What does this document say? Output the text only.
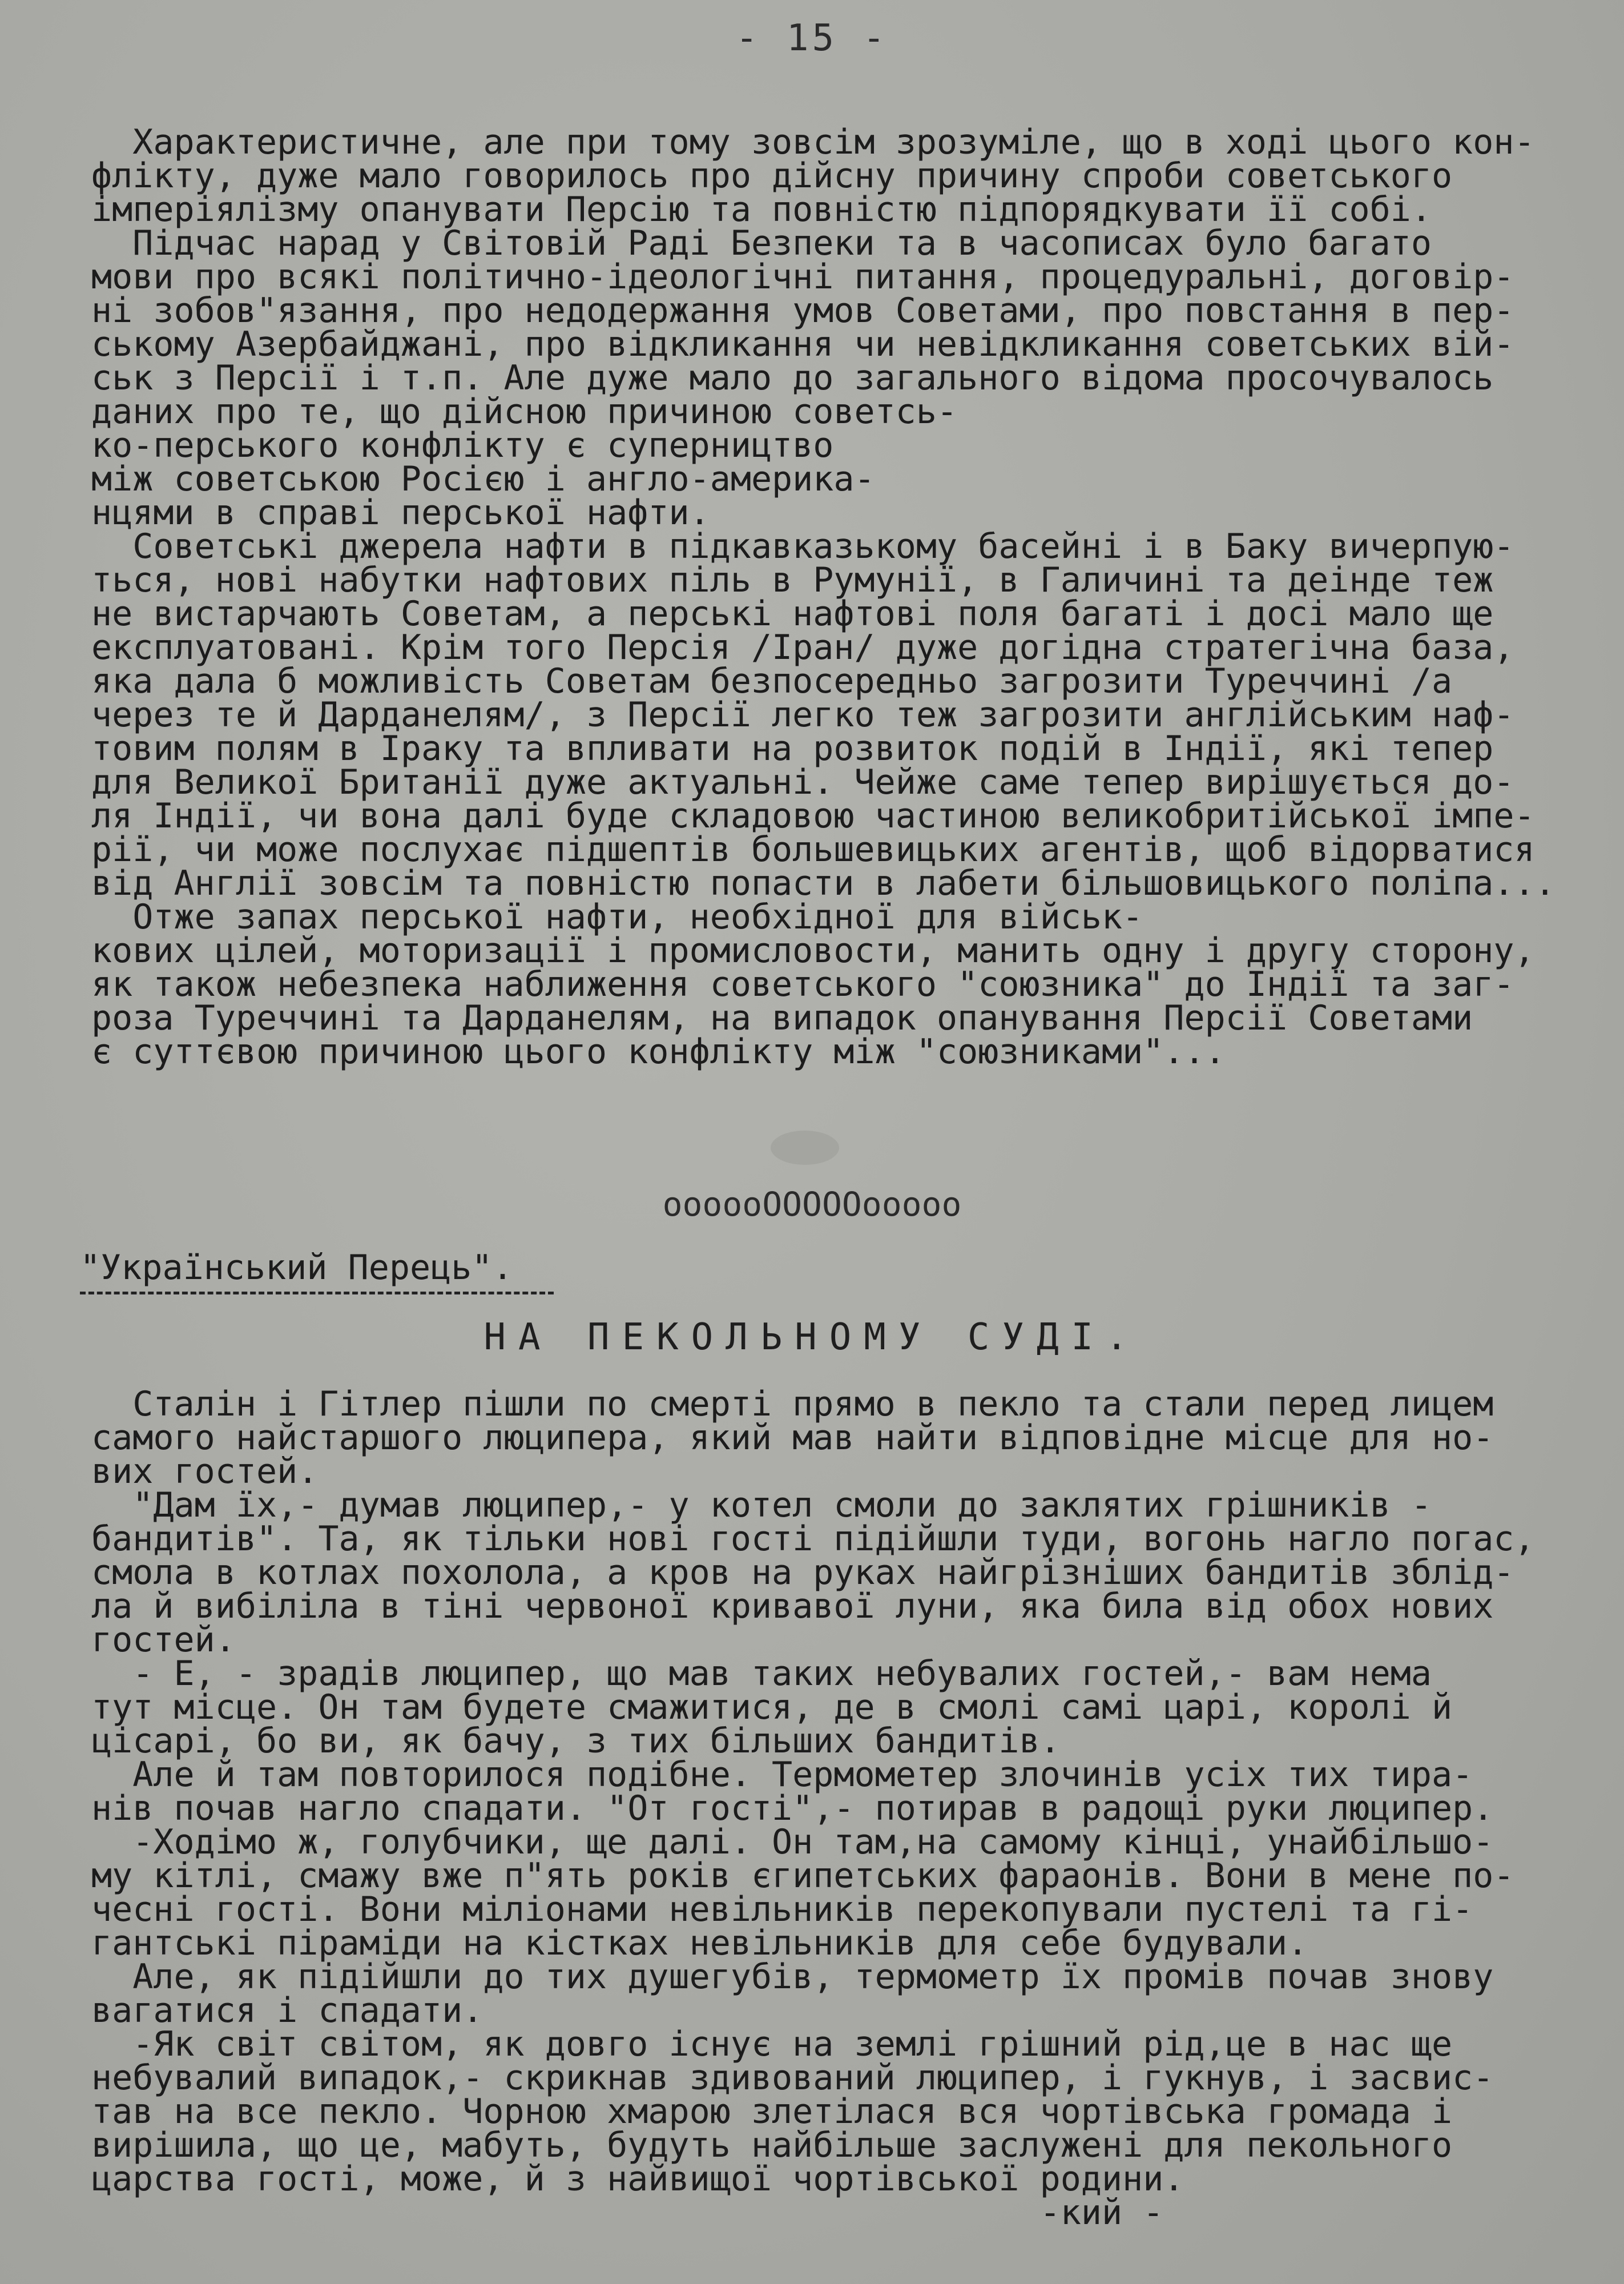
- 15 -
Характеристичне, але при тому зовсім зрозуміле, що в ході цього кон-
фліктy, дуже мало говорилось про дійсну причину спроби советського
імперіялізму опанувати Персію та повністю підпорядкувати її собі.
Підчас нарад у Світовій Раді Безпеки та в часописах було багато
мови про всякі політично-ідеологічні питання, процедуральні, договір-
ні зобов"язання, про недодержання умов Советами, про повстання в пер-
ському Азербайджані, про відкликання чи невідкликання советських вій-
ськ з Персії і т.п. Але дуже мало до загального відома просочувалось
даних про те, що дійсною причиною советсь-
ко-перського конфлікту є суперництво
між советською Росією і англо-америка-
нцями в справі перської нафти.
Советські джерела нафти в підкавказькому басейні і в Баку вичерпую-
ться, нові набутки нафтових піль в Румунії, в Галичині та деінде теж
не вистарчають Советам, а перські нафтові поля багаті і досі мало ще
експлуатовані. Крім того Персія /Іран/ дуже догідна стратегічна база,
яка дала б можливість Советам безпосередньо загрозити Туреччині /а
через те й Дарданелям/, з Персії легко теж загрозити англійським наф-
товим полям в Іраку та впливати на розвиток подій в Індії, які тепер
для Великої Британії дуже актуальні. Чейже саме тепер вирішується до-
ля Індії, чи вона далі буде складовою частиною великобритійської імпе-
рії, чи може послухає підшептів большевицьких агентів, щоб відорватися
від Англії зовсім та повністю попасти в лабети більшовицького поліпа...
Отже запах перської нафти, необхідної для військ-
кових цілей, моторизації і промисловости, манить одну і другу сторону,
як також небезпека наближення советського "союзника" до Індії та заг-
роза Туреччині та Дарданелям, на випадок опанування Персії Советами
є суттєвою причиною цього конфлікту між "союзниками"...
oooooOOOOOooooo
"Український Перець".
НА ПЕКОЛЬНОМУ СУДІ.
Сталін і Гітлер пішли по смерті прямо в пекло та стали перед лицем
самого найстаршого люципера, який мав найти відповідне місце для но-
вих гостей.
"Дам їх,- думав люципер,- у котел смоли до заклятих грішників -
бандитів". Та, як тільки нові гості підійшли туди, вогонь нагло погас,
смола в котлах похолола, а кров на руках найгрізніших бандитів зблід-
ла й вибіліла в тіні червоної кривавої луни, яка била від обох нових
гостей.
- Е, - зрадів люципер, що мав таких небувалих гостей,- вам нема
тут місце. Он там будете смажитися, де в смолі самі царі, королі й
цісарі, бо ви, як бачу, з тих більших бандитів.
Але й там повторилося подібне. Термометер злочинів усіх тих тира-
нів почав нагло спадати. "От гості",- потирав в радощі руки люципер.
-Ходімо ж, голубчики, ще далі. Он там,на самому кінці, унайбільшо-
му кітлі, смажу вже п"ять років єгипетських фараонів. Вони в мене по-
чесні гості. Вони міліонами невільників перекопували пустелі та гі-
гантські піраміди на кістках невільників для себе будували.
Але, як підійшли до тих душегубів, термометр їх промів почав знову
вагатися і спадати.
-Як світ світом, як довго існує на землі грішний рід,це в нас ще
небувалий випадок,- скрикнав здивований люципер, і гукнув, і засвис-
тав на все пекло. Чорною хмарою злетілася вся чортівська громада і
вирішила, що це, мабуть, будуть найбільше заслужені для пекольного
царства гості, може, й з найвищої чортівської родини.
-кий -
